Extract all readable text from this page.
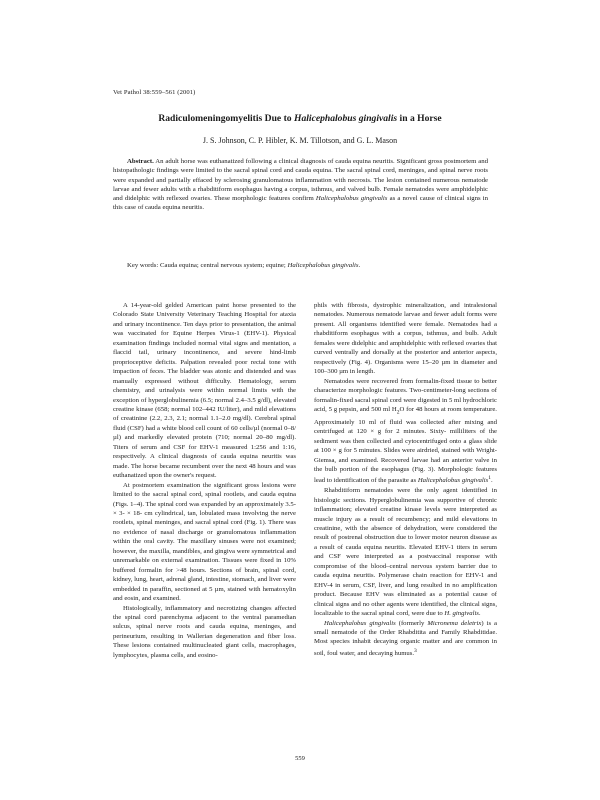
Vet Pathol 38:559–561 (2001)
Radiculomeningomyelitis Due to Halicephalobus gingivalis in a Horse
J. S. Johnson, C. P. Hibler, K. M. Tillotson, and G. L. Mason

Abstract. An adult horse was euthanatized following a clinical diagnosis of cauda equina neuritis. Significant gross postmortem and histopathologic findings were limited to the sacral spinal cord and cauda equina. The sacral spinal cord, meninges, and spinal nerve roots were expanded and partially effaced by sclerosing granulomatous inflammation with necrosis. The lesion contained numerous nematode larvae and fewer adults with a rhabditiform esophagus having a corpus, isthmus, and valved bulb. Female nematodes were amphidelphic and didelphic with reflexed ovaries. These morphologic features confirm Halicephalobus gingivalis as a novel cause of clinical signs in this case of cauda equina neuritis.

Key words: Cauda equina; central nervous system; equine; Halicephalobus gingivalis.

A 14-year-old gelded American paint horse presented to the Colorado State University Veterinary Teaching Hospital for ataxia and urinary incontinence. Ten days prior to presentation, the animal was vaccinated for Equine Herpes Virus-1 (EHV-1). Physical examination findings included normal vital signs and mentation, a flaccid tail, urinary incontinence, and severe hind-limb proprioceptive deficits. Palpation revealed poor rectal tone with impaction of feces. The bladder was atonic and distended and was manually expressed without difficulty. Hematology, serum chemistry, and urinalysis were within normal limits with the exception of hyperglobulinemia (6.5; normal 2.4–3.5 g/dl), elevated creatine kinase (658; normal 102–442 IU/liter), and mild elevations of creatinine (2.2, 2.3, 2.1; normal 1.1–2.0 mg/dl). Cerebral spinal fluid (CSF) had a white blood cell count of 60 cells/µl (normal 0–8/µl) and markedly elevated protein (710; normal 20–80 mg/dl). Titers of serum and CSF for EHV-1 measured 1:256 and 1:16, respectively. A clinical diagnosis of cauda equina neuritis was made. The horse became recumbent over the next 48 hours and was euthanatized upon the owner's request.

At postmortem examination the significant gross lesions were limited to the sacral spinal cord, spinal rootlets, and cauda equina (Figs. 1–4). The spinal cord was expanded by an approximately 3.5- × 3- × 18- cm cylindrical, tan, lobulated mass involving the nerve rootlets, spinal meninges, and sacral spinal cord (Fig. 1). There was no evidence of nasal discharge or granulomatous inflammation within the oral cavity. The maxillary sinuses were not examined; however, the maxilla, mandibles, and gingiva were symmetrical and unremarkable on external examination. Tissues were fixed in 10% buffered formalin for >48 hours. Sections of brain, spinal cord, kidney, lung, heart, adrenal gland, intestine, stomach, and liver were embedded in paraffin, sectioned at 5 µm, stained with hematoxylin and eosin, and examined.

Histologically, inflammatory and necrotizing changes affected the spinal cord parenchyma adjacent to the ventral paramedian sulcus, spinal nerve roots and cauda equina, meninges, and perineurium, resulting in Wallerian degeneration and fiber loss. These lesions contained multinucleated giant cells, macrophages, lymphocytes, plasma cells, and eosino-

phils with fibrosis, dystrophic mineralization, and intralesional nematodes. Numerous nematode larvae and fewer adult forms were present. All organisms identified were female. Nematodes had a rhabditiform esophagus with a corpus, isthmus, and bulb. Adult females were didelphic and amphidelphic with reflexed ovaries that curved ventrally and dorsally at the posterior and anterior aspects, respectively (Fig. 4). Organisms were 15–20 µm in diameter and 100–300 µm in length.

Nematodes were recovered from formalin-fixed tissue to better characterize morphologic features. Two-centimeter-long sections of formalin-fixed sacral spinal cord were digested in 5 ml hydrochloric acid, 5 g pepsin, and 500 ml $H_2O$ for 48 hours at room temperature. Approximately 10 ml of fluid was collected after mixing and centrifuged at 120 × g for 2 minutes. Sixty- milliliters of the sediment was then collected and cytocentrifuged onto a glass slide at 100 × g for 5 minutes. Slides were airdried, stained with Wright-Giemsa, and examined. Recovered larvae had an anterior valve in the bulb portion of the esophagus (Fig. 3). Morphologic features lead to identification of the parasite as Halicephalobus gingivalis$^1$.

Rhabditiform nematodes were the only agent identified in histologic sections. Hyperglobulinemia was supportive of chronic inflammation; elevated creatine kinase levels were interpreted as muscle injury as a result of recumbency; and mild elevations in creatinine, with the absence of dehydration, were considered the result of postrenal obstruction due to lower motor neuron disease as a result of cauda equina neuritis. Elevated EHV-1 titers in serum and CSF were interpreted as a postvaccinal response with compromise of the blood–central nervous system barrier due to cauda equina neuritis. Polymerase chain reaction for EHV-1 and EHV-4 in serum, CSF, liver, and lung resulted in no amplification product. Because EHV was eliminated as a potential cause of clinical signs and no other agents were identified, the clinical signs, localizable to the sacral spinal cord, were due to H. gingivalis.

Halicephalobus gingivalis (formerly Micronema deletrix) is a small nematode of the Order Rhabditita and Family Rhabditidae. Most species inhabit decaying organic matter and are common in soil, foul water, and decaying humus.$^3$

559
